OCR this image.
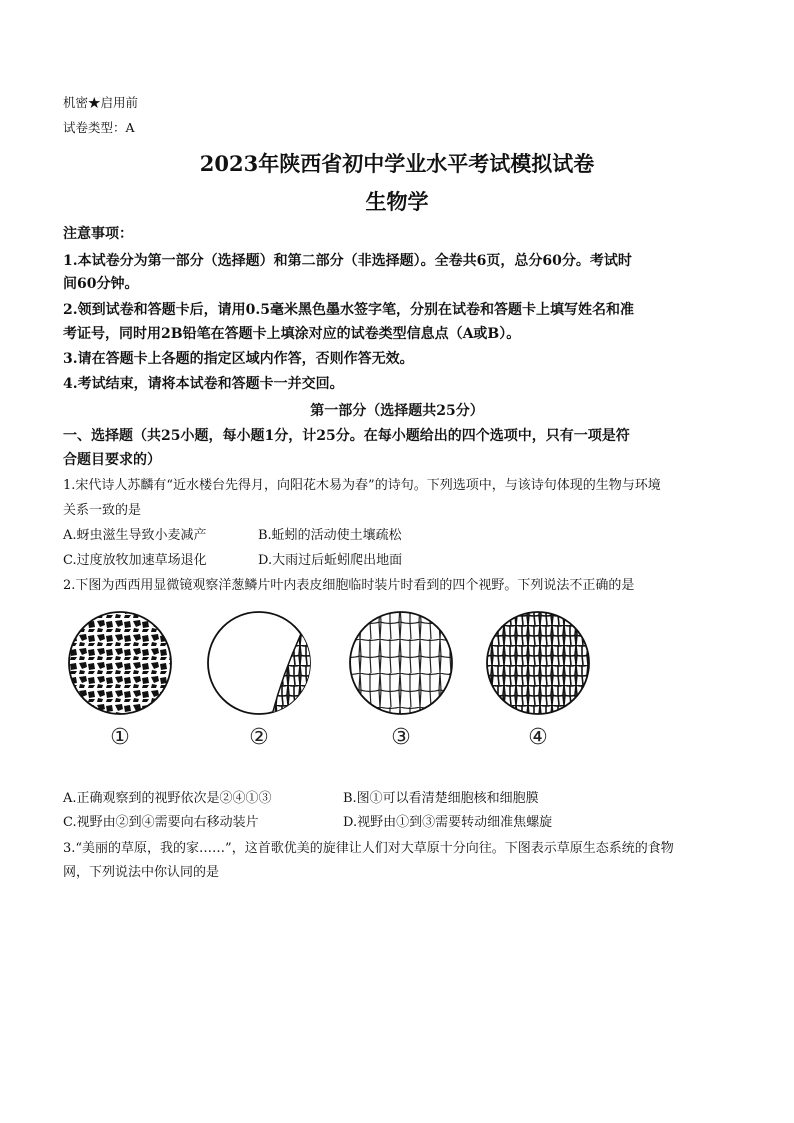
机密★启用前
试卷类型：A
2023年陕西省初中学业水平考试模拟试卷
生物学
注意事项：
1.本试卷分为第一部分（选择题）和第二部分（非选择题）。全卷共6页，总分60分。考试时
间60分钟。
2.领到试卷和答题卡后，请用0.5毫米黑色墨水签字笔，分别在试卷和答题卡上填写姓名和准
考证号，同时用2B铅笔在答题卡上填涂对应的试卷类型信息点（A或B）。
3.请在答题卡上各题的指定区域内作答，否则作答无效。
4.考试结束，请将本试卷和答题卡一并交回。
第一部分（选择题共25分）
一、选择题（共25小题，每小题1分，计25分。在每小题给出的四个选项中，只有一项是符
合题目要求的）
1.宋代诗人苏麟有“近水楼台先得月，向阳花木易为春”的诗句。下列选项中，与该诗句体现的生物与环境
关系一致的是
A.蚜虫滋生导致小麦减产	B.蚯蚓的活动使土壤疏松
C.过度放牧加速草场退化	D.大雨过后蚯蚓爬出地面
2.下图为西西用显微镜观察洋葱鳞片叶内表皮细胞临时装片时看到的四个视野。下列说法不正确的是
①	②	③	④
A.正确观察到的视野依次是②④①③	B.图①可以看清楚细胞核和细胞膜
C.视野由②到④需要向右移动装片	D.视野由①到③需要转动细准焦螺旋
3.“美丽的草原，我的家……”，这首歌优美的旋律让人们对大草原十分向往。下图表示草原生态系统的食物
网，下列说法中你认同的是
